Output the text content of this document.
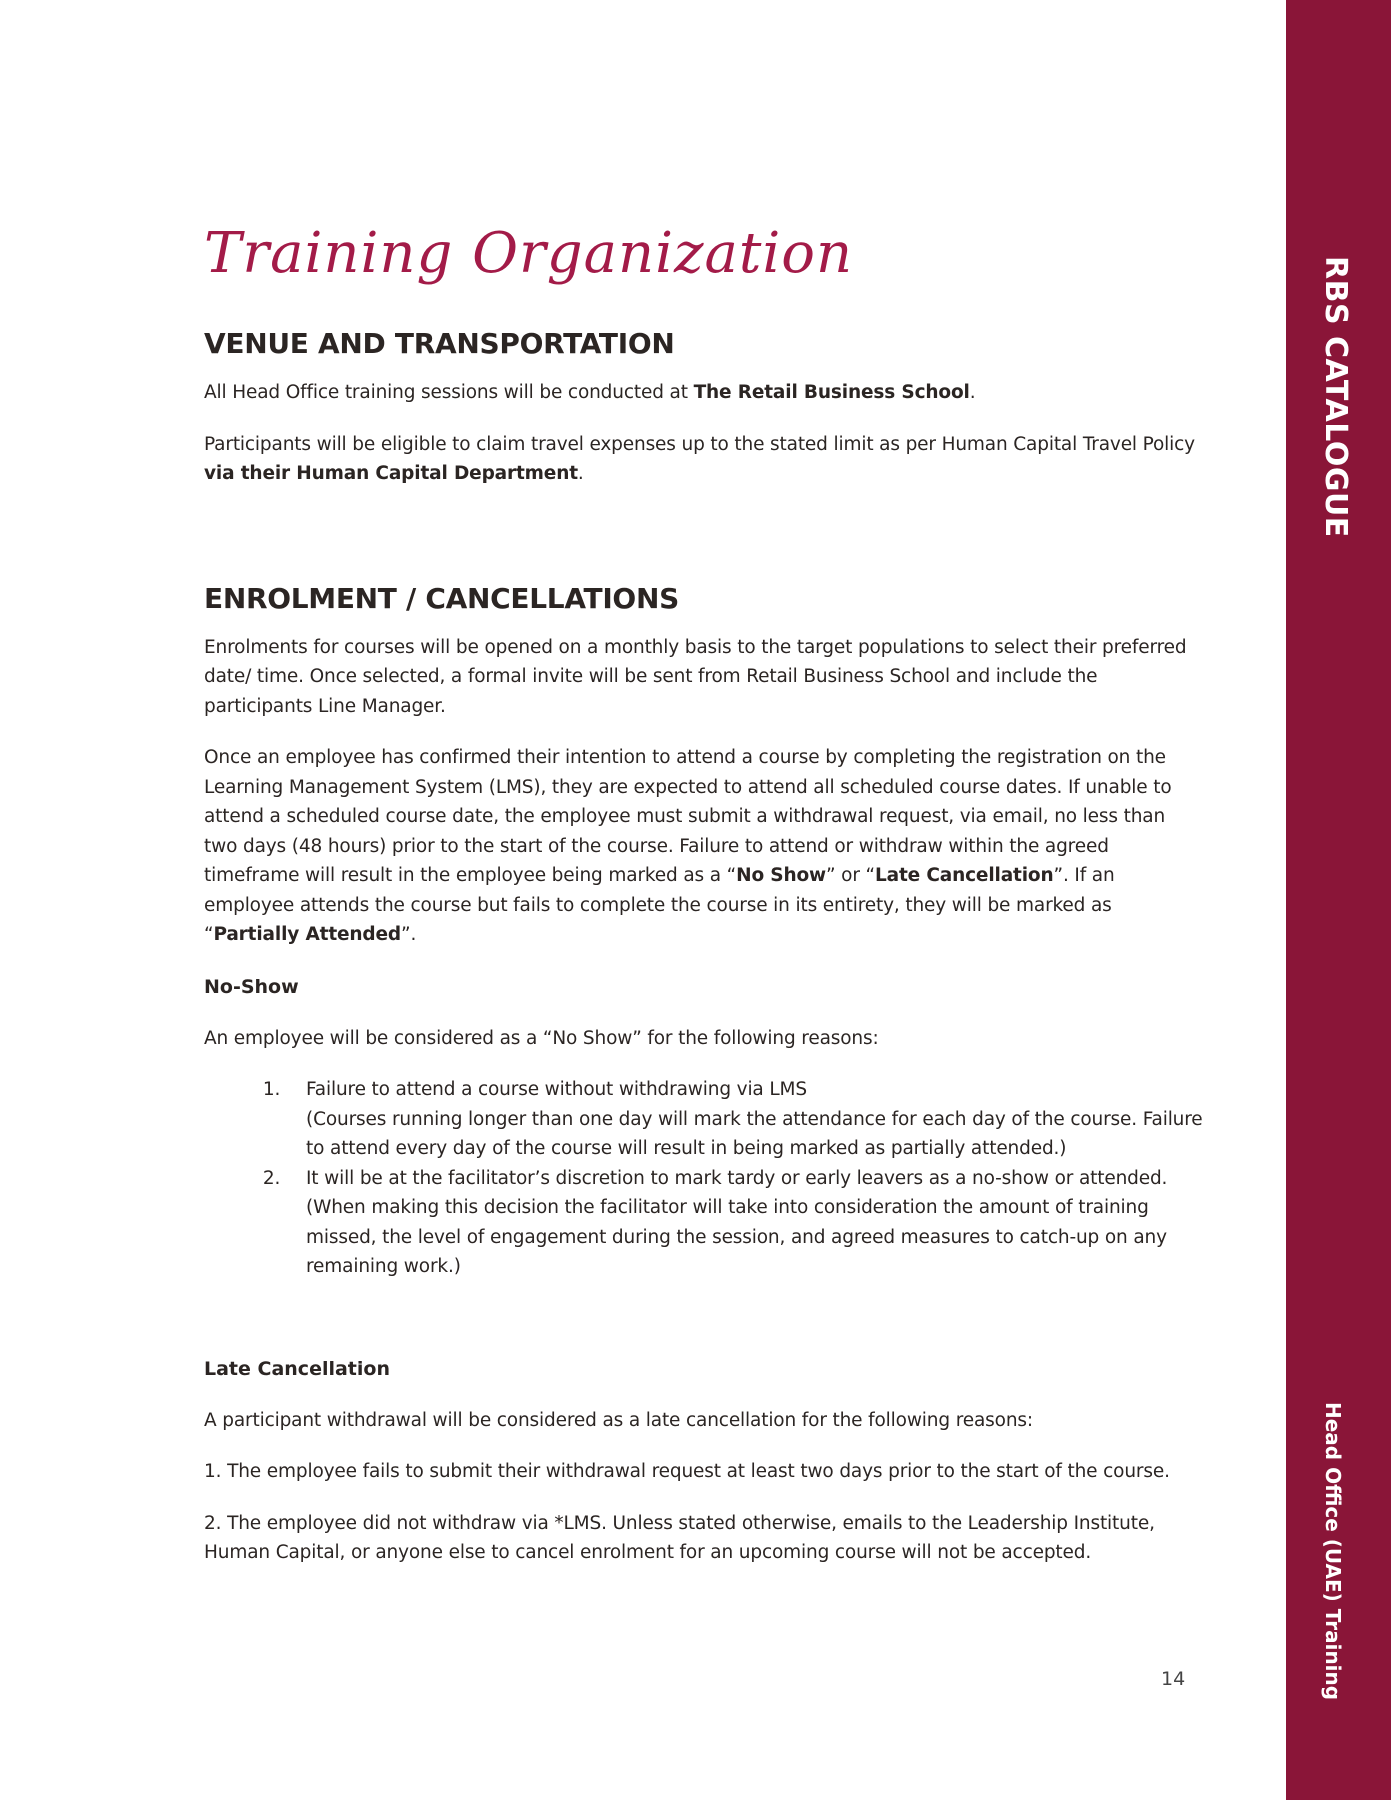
RBS CATALOGUE
Head Office (UAE) Training
Training Organization
VENUE AND TRANSPORTATION

All Head Office training sessions will be conducted at The Retail Business School.

Participants will be eligible to claim travel expenses up to the stated limit as per Human Capital Travel Policy via their Human Capital Department.

ENROLMENT / CANCELLATIONS

Enrolments for courses will be opened on a monthly basis to the target populations to select their preferred date/ time. Once selected, a formal invite will be sent from Retail Business School and include the participants Line Manager.

Once an employee has confirmed their intention to attend a course by completing the registration on the Learning Management System (LMS), they are expected to attend all scheduled course dates. If unable to attend a scheduled course date, the employee must submit a withdrawal request, via email, no less than two days (48 hours) prior to the start of the course. Failure to attend or withdraw within the agreed timeframe will result in the employee being marked as a “No Show” or “Late Cancellation”. If an employee attends the course but fails to complete the course in its entirety, they will be marked as “Partially Attended”.

No-Show

An employee will be considered as a “No Show” for the following reasons:

1. Failure to attend a course without withdrawing via LMS
(Courses running longer than one day will mark the attendance for each day of the course. Failure to attend every day of the course will result in being marked as partially attended.)
2. It will be at the facilitator’s discretion to mark tardy or early leavers as a no-show or attended.
(When making this decision the facilitator will take into consideration the amount of training missed, the level of engagement during the session, and agreed measures to catch-up on any remaining work.)
Late Cancellation

A participant withdrawal will be considered as a late cancellation for the following reasons:

1. The employee fails to submit their withdrawal request at least two days prior to the start of the course.

2. The employee did not withdraw via *LMS. Unless stated otherwise, emails to the Leadership Institute, Human Capital, or anyone else to cancel enrolment for an upcoming course will not be accepted.

14
